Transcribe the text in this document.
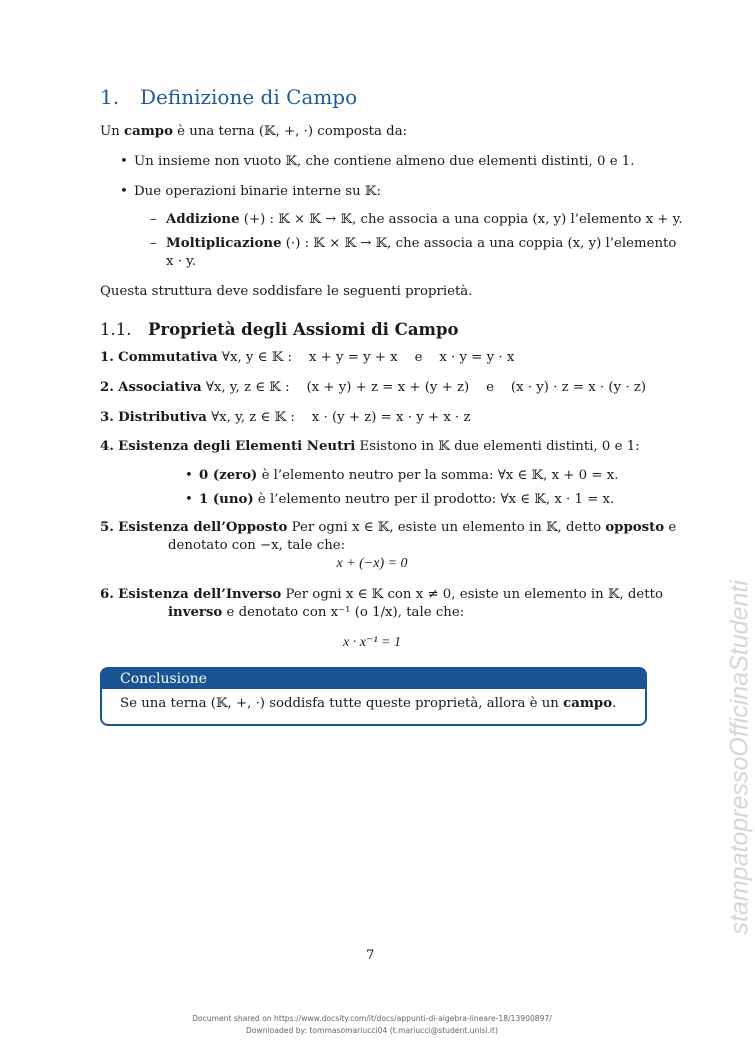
stampatopressoOfficinaStudenti
1. Definizione di Campo
Un campo è una terna (𝕂, +, ·) composta da:
• Un insieme non vuoto 𝕂, che contiene almeno due elementi distinti, 0 e 1.
• Due operazioni binarie interne su 𝕂:
– Addizione (+) : 𝕂 × 𝕂 → 𝕂, che associa a una coppia (x, y) l’elemento x + y.
– Moltiplicazione (·) : 𝕂 × 𝕂 → 𝕂, che associa a una coppia (x, y) l’elemento
x · y.
Questa struttura deve soddisfare le seguenti proprietà.
1.1. Proprietà degli Assiomi di Campo
1. Commutativa ∀x, y ∈ 𝕂 :    x + y = y + x    e    x · y = y · x
2. Associativa ∀x, y, z ∈ 𝕂 :    (x + y) + z = x + (y + z)    e    (x · y) · z = x · (y · z)
3. Distributiva ∀x, y, z ∈ 𝕂 :    x · (y + z) = x · y + x · z
4. Esistenza degli Elementi Neutri Esistono in 𝕂 due elementi distinti, 0 e 1:
• 0 (zero) è l’elemento neutro per la somma: ∀x ∈ 𝕂, x + 0 = x.
• 1 (uno) è l’elemento neutro per il prodotto: ∀x ∈ 𝕂, x · 1 = x.
5. Esistenza dell’Opposto Per ogni x ∈ 𝕂, esiste un elemento in 𝕂, detto opposto e
denotato con −x, tale che:
x + (−x) = 0
6. Esistenza dell’Inverso Per ogni x ∈ 𝕂 con x ≠ 0, esiste un elemento in 𝕂, detto
inverso e denotato con x⁻¹ (o 1/x), tale che:
x · x⁻¹ = 1
Conclusione
Se una terna (𝕂, +, ·) soddisfa tutte queste proprietà, allora è un campo.
7
Document shared on https://www.docsity.com/it/docs/appunti-di-algebra-lineare-18/13900897/
Downloaded by: tommasomariucci04 (t.mariucci@student.unisi.it)
